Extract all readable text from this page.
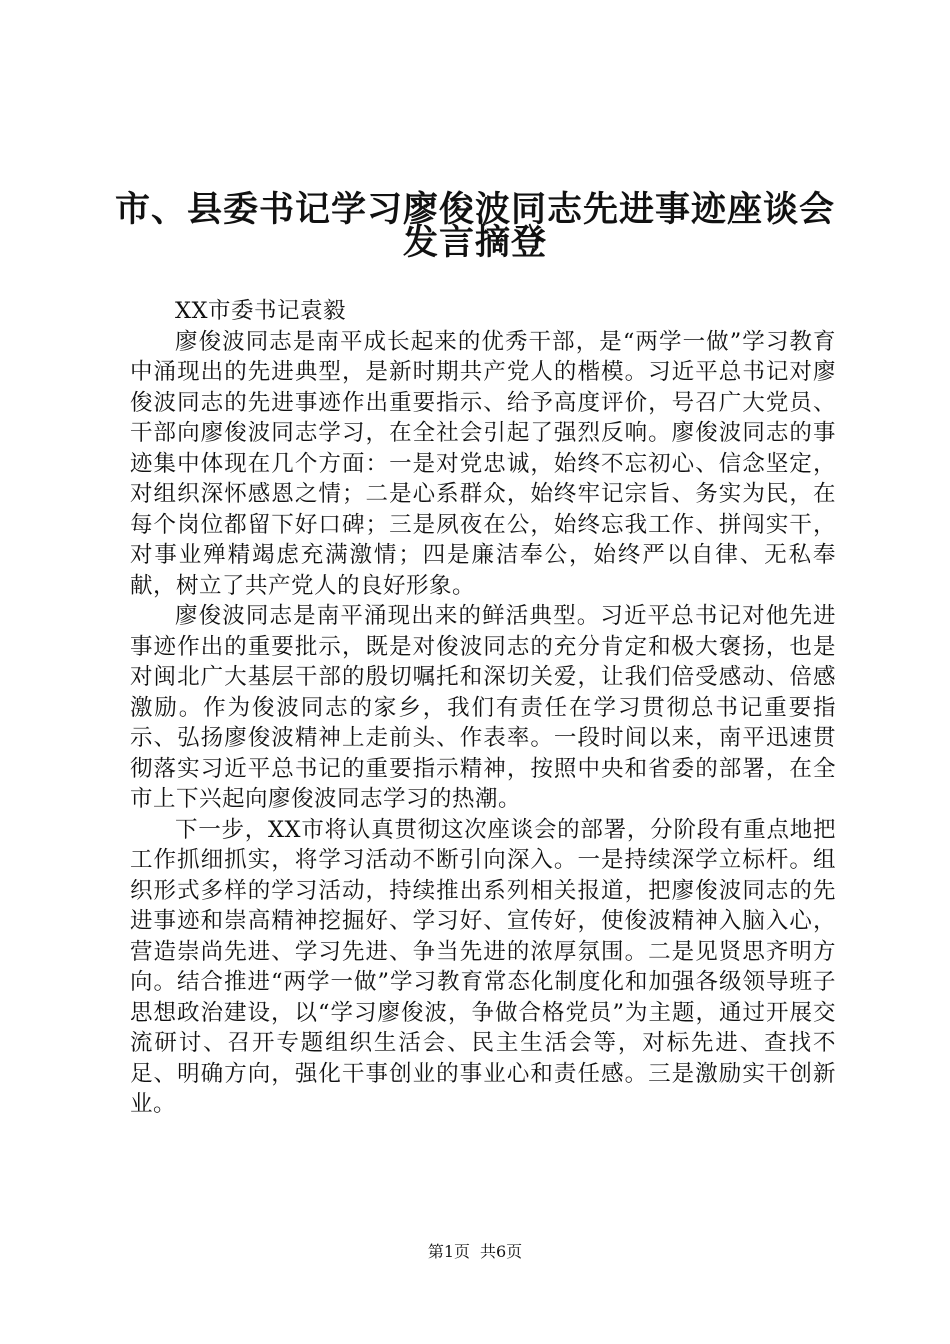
市、县委书记学习廖俊波同志先进事迹座谈会
发言摘登

XX市委书记袁毅

廖俊波同志是南平成长起来的优秀干部，是“两学一做”学习教育中涌现出的先进典型，是新时期共产党人的楷模。习近平总书记对廖俊波同志的先进事迹作出重要指示、给予高度评价，号召广大党员、干部向廖俊波同志学习，在全社会引起了强烈反响。廖俊波同志的事迹集中体现在几个方面：一是对党忠诚，始终不忘初心、信念坚定，对组织深怀感恩之情；二是心系群众，始终牢记宗旨、务实为民，在每个岗位都留下好口碑；三是夙夜在公，始终忘我工作、拼闯实干，对事业殚精竭虑充满激情；四是廉洁奉公，始终严以自律、无私奉献，树立了共产党人的良好形象。

廖俊波同志是南平涌现出来的鲜活典型。习近平总书记对他先进事迹作出的重要批示，既是对俊波同志的充分肯定和极大褒扬，也是对闽北广大基层干部的殷切嘱托和深切关爱，让我们倍受感动、倍感激励。作为俊波同志的家乡，我们有责任在学习贯彻总书记重要指示、弘扬廖俊波精神上走前头、作表率。一段时间以来，南平迅速贯彻落实习近平总书记的重要指示精神，按照中央和省委的部署，在全市上下兴起向廖俊波同志学习的热潮。

下一步，XX市将认真贯彻这次座谈会的部署，分阶段有重点地把工作抓细抓实，将学习活动不断引向深入。一是持续深学立标杆。组织形式多样的学习活动，持续推出系列相关报道，把廖俊波同志的先进事迹和崇高精神挖掘好、学习好、宣传好，使俊波精神入脑入心，营造崇尚先进、学习先进、争当先进的浓厚氛围。二是见贤思齐明方向。结合推进“两学一做”学习教育常态化制度化和加强各级领导班子思想政治建设，以“学习廖俊波，争做合格党员”为主题，通过开展交流研讨、召开专题组织生活会、民主生活会等，对标先进、查找不足、明确方向，强化干事创业的事业心和责任感。三是激励实干创新业。

第1页 共6页
